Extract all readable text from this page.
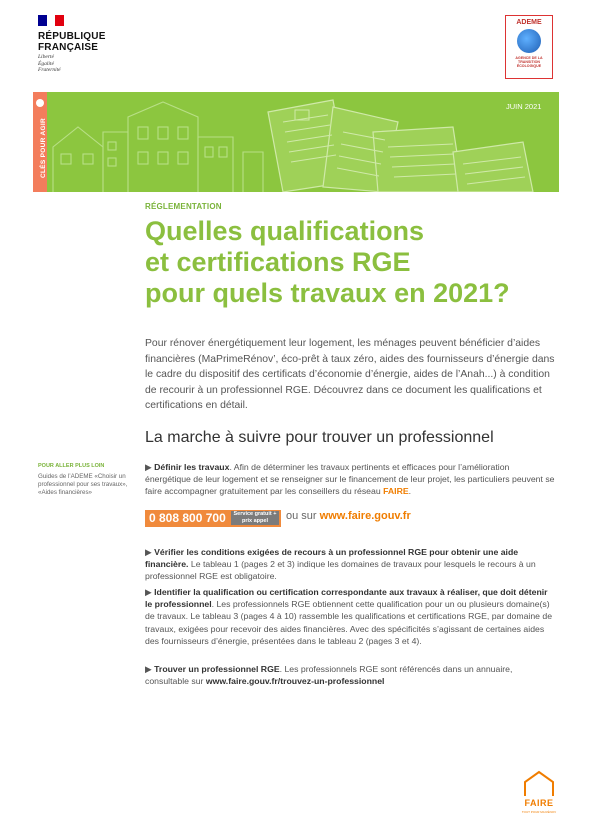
RÉPUBLIQUE
FRANÇAISE
Liberté
Égalité
Fraternité
ADEME
AGENCE DE LA TRANSITION ÉCOLOGIQUE
CLÉS POUR AGIR
JUIN 2021
RÉGLEMENTATION
Quelles qualifications
et certifications RGE
pour quels travaux en 2021?
Pour rénover énergétiquement leur logement, les ménages peuvent bénéficier d’aides financières (MaPrimeRénov’, éco-prêt à taux zéro, aides des fournisseurs d’énergie dans le cadre du dispositif des certificats d’économie d’énergie, aides de l’Anah...) à condition de recourir à un professionnel RGE. Découvrez dans ce document les qualifications et certifications en détail.
La marche à suivre pour trouver un professionnel
POUR ALLER PLUS LOIN
Guides de l’ADEME «Choisir un professionnel pour ses travaux», «Aides financières»
▶ Définir les travaux. Afin de déterminer les travaux pertinents et efficaces pour l’amélioration énergétique de leur logement et se renseigner sur le financement de leur projet, les particuliers peuvent se faire accompagner gratuitement par les conseillers du réseau FAIRE.
0 808 800 700	Service gratuit + prix appel	ou sur www.faire.gouv.fr
▶ Vérifier les conditions exigées de recours à un professionnel RGE pour obtenir une aide financière. Le tableau 1 (pages 2 et 3) indique les domaines de travaux pour lesquels le recours à un professionnel RGE est obligatoire.
▶ Identifier la qualification ou certification correspondante aux travaux à réaliser, que doit détenir le professionnel. Les professionnels RGE obtiennent cette qualification pour un ou plusieurs domaine(s) de travaux. Le tableau 3 (pages 4 à 10) rassemble les qualifications et certifications RGE, par domaine de travaux, exigées pour recevoir des aides financières. Avec des spécificités s’agissant de certaines aides des fournisseurs d’énergie, présentées dans le tableau 2 (pages 3 et 4).
▶ Trouver un professionnel RGE. Les professionnels RGE sont référencés dans un annuaire, consultable sur www.faire.gouv.fr/trouvez-un-professionnel
FAIRE
TOUT POUR MA RÉNOV
